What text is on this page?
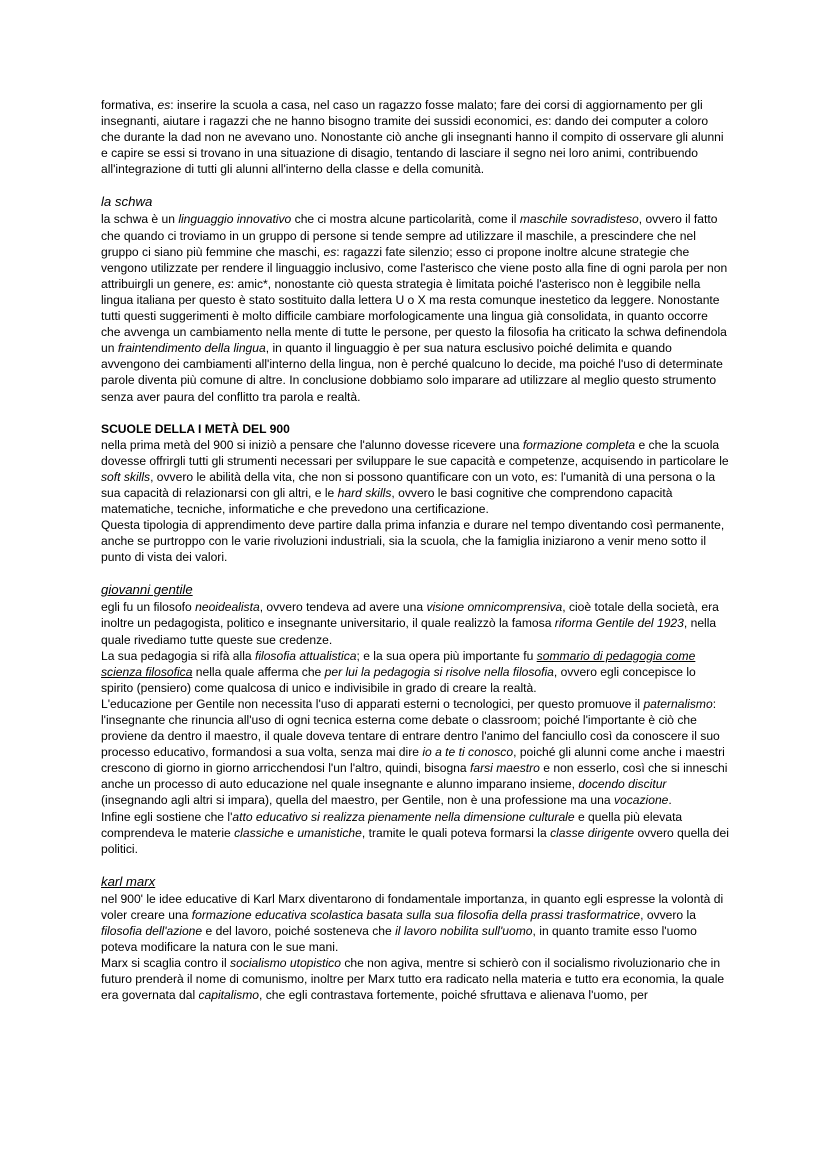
formativa, es: inserire la scuola a casa, nel caso un ragazzo fosse malato; fare dei corsi di aggiornamento per gli insegnanti, aiutare i ragazzi che ne hanno bisogno tramite dei sussidi economici, es: dando dei computer a coloro che durante la dad non ne avevano uno. Nonostante ciò anche gli insegnanti hanno il compito di osservare gli alunni e capire se essi si trovano in una situazione di disagio, tentando di lasciare il segno nei loro animi, contribuendo all'integrazione di tutti gli alunni all'interno della classe e della comunità.

la schwa

la schwa è un linguaggio innovativo che ci mostra alcune particolarità, come il maschile sovradisteso, ovvero il fatto che quando ci troviamo in un gruppo di persone si tende sempre ad utilizzare il maschile, a prescindere che nel gruppo ci siano più femmine che maschi, es: ragazzi fate silenzio; esso ci propone inoltre alcune strategie che vengono utilizzate per rendere il linguaggio inclusivo, come l'asterisco che viene posto alla fine di ogni parola per non attribuirgli un genere, es: amic*, nonostante ciò questa strategia è limitata poiché l'asterisco non è leggibile nella lingua italiana per questo è stato sostituito dalla lettera U o X ma resta comunque inestetico da leggere. Nonostante tutti questi suggerimenti è molto difficile cambiare morfologicamente una lingua già consolidata, in quanto occorre che avvenga un cambiamento nella mente di tutte le persone, per questo la filosofia ha criticato la schwa definendola un fraintendimento della lingua, in quanto il linguaggio è per sua natura esclusivo poiché delimita e quando avvengono dei cambiamenti all'interno della lingua, non è perché qualcuno lo decide, ma poiché l'uso di determinate parole diventa più comune di altre. In conclusione dobbiamo solo imparare ad utilizzare al meglio questo strumento senza aver paura del conflitto tra parola e realtà.

SCUOLE DELLA I METÀ DEL 900

nella prima metà del 900 si iniziò a pensare che l'alunno dovesse ricevere una formazione completa e che la scuola dovesse offrirgli tutti gli strumenti necessari per sviluppare le sue capacità e competenze, acquisendo in particolare le soft skills, ovvero le abilità della vita, che non si possono quantificare con un voto, es: l'umanità di una persona o la sua capacità di relazionarsi con gli altri, e le hard skills, ovvero le basi cognitive che comprendono capacità matematiche, tecniche, informatiche e che prevedono una certificazione.

Questa tipologia di apprendimento deve partire dalla prima infanzia e durare nel tempo diventando così permanente, anche se purtroppo con le varie rivoluzioni industriali, sia la scuola, che la famiglia iniziarono a venir meno sotto il punto di vista dei valori.

giovanni gentile

egli fu un filosofo neoidealista, ovvero tendeva ad avere una visione omnicomprensiva, cioè totale della società, era inoltre un pedagogista, politico e insegnante universitario, il quale realizzò la famosa riforma Gentile del 1923, nella quale rivediamo tutte queste sue credenze.

La sua pedagogia si rifà alla filosofia attualistica; e la sua opera più importante fu sommario di pedagogia come scienza filosofica nella quale afferma che per lui la pedagogia si risolve nella filosofia, ovvero egli concepisce lo spirito (pensiero) come qualcosa di unico e indivisibile in grado di creare la realtà.

L'educazione per Gentile non necessita l'uso di apparati esterni o tecnologici, per questo promuove il paternalismo: l'insegnante che rinuncia all'uso di ogni tecnica esterna come debate o classroom; poiché l'importante è ciò che proviene da dentro il maestro, il quale doveva tentare di entrare dentro l'animo del fanciullo così da conoscere il suo processo educativo, formandosi a sua volta, senza mai dire io a te ti conosco, poiché gli alunni come anche i maestri crescono di giorno in giorno arricchendosi l'un l'altro, quindi, bisogna farsi maestro e non esserlo, così che si inneschi anche un processo di auto educazione nel quale insegnante e alunno imparano insieme, docendo discitur (insegnando agli altri si impara), quella del maestro, per Gentile, non è una professione ma una vocazione.

Infine egli sostiene che l'atto educativo si realizza pienamente nella dimensione culturale e quella più elevata comprendeva le materie classiche e umanistiche, tramite le quali poteva formarsi la classe dirigente ovvero quella dei politici.

karl marx

nel 900' le idee educative di Karl Marx diventarono di fondamentale importanza, in quanto egli espresse la volontà di voler creare una formazione educativa scolastica basata sulla sua filosofia della prassi trasformatrice, ovvero la filosofia dell'azione e del lavoro, poiché sosteneva che il lavoro nobilita sull'uomo, in quanto tramite esso l'uomo poteva modificare la natura con le sue mani.

Marx si scaglia contro il socialismo utopistico che non agiva, mentre si schierò con il socialismo rivoluzionario che in futuro prenderà il nome di comunismo, inoltre per Marx tutto era radicato nella materia e tutto era economia, la quale era governata dal capitalismo, che egli contrastava fortemente, poiché sfruttava e alienava l'uomo, per
